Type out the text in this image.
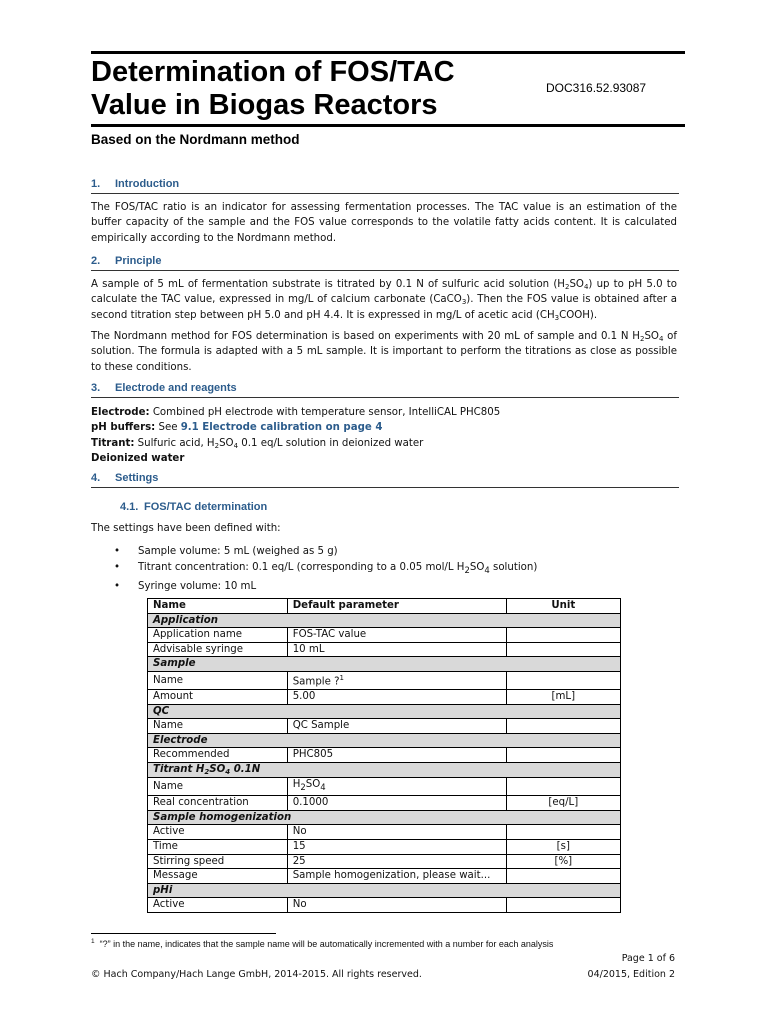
Determination of FOS/TAC
Value in Biogas Reactors
DOC316.52.93087
Based on the Nordmann method
1. Introduction

The FOS/TAC ratio is an indicator for assessing fermentation processes. The TAC value is an estimation of the buffer capacity of the sample and the FOS value corresponds to the volatile fatty acids content. It is calculated empirically according to the Nordmann method.

2. Principle

A sample of 5 mL of fermentation substrate is titrated by 0.1 N of sulfuric acid solution $(H_2SO_4)$ up to pH 5.0 to calculate the TAC value, expressed in mg/L of calcium carbonate (CaCO$_3$). Then the FOS value is obtained after a second titration step between pH 5.0 and pH 4.4. It is expressed in mg/L of acetic acid $(CH_3COOH)$.

The Nordmann method for FOS determination is based on experiments with 20 mL of sample and 0.1 N $H_2SO_4$ of solution. The formula is adapted with a 5 mL sample. It is important to perform the titrations as close as possible to these conditions.

3. Electrode and reagents
Electrode: Combined pH electrode with temperature sensor, IntelliCAL PHC805
pH buffers: See 9.1 Electrode calibration on page 4
Titrant: Sulfuric acid, $H_2SO_4$ 0.1 eq/L solution in deionized water
Deionized water
4. Settings
4.1. FOS/TAC determination

The settings have been defined with:

• Sample volume: 5 mL (weighed as 5 g)
• Titrant concentration: 0.1 eq/L (corresponding to a 0.05 mol/L $H_2SO_4$ solution)
• Syringe volume: 10 mL
Name	Default parameter	Unit
Application		
Application name	FOS-TAC value	
Advisable syringe	10 mL	
Sample		
Name	Sample ?$^1$	
Amount	5.00	[mL]
QC		
Name	QC Sample	
Electrode		
Recommended	PHC805	
Titrant $H_2SO_4$ 0.1N		
Name	$H_2SO_4$	
Real concentration	0.1000	[eq/L]
Sample homogenization		
Active	No	
Time	15	[s]
Stirring speed	25	[%]
Message	Sample homogenization, please wait...	
pHi		
Active	No	
$^1$ “?” in the name, indicates that the sample name will be automatically incremented with a number for each analysis
Page 1 of 6
© Hach Company/Hach Lange GmbH, 2014-2015. All rights reserved.	04/2015, Edition 2
